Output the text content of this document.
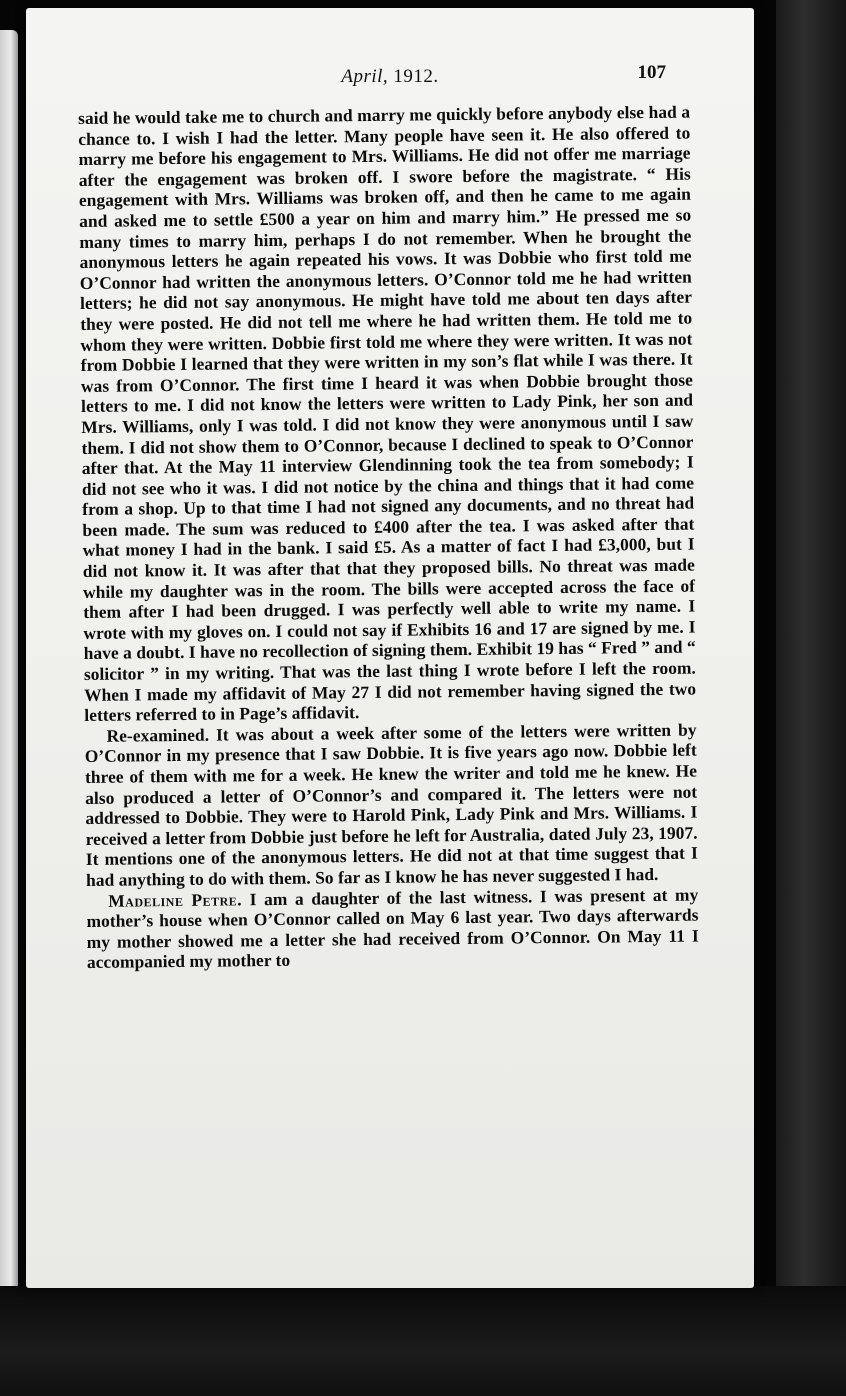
April, 1912.	107

said he would take me to church and marry me quickly before anybody else had a chance to. I wish I had the letter. Many people have seen it. He also offered to marry me before his engagement to Mrs. Williams. He did not offer me marriage after the engagement was broken off. I swore before the magistrate. “ His engagement with Mrs. Williams was broken off, and then he came to me again and asked me to settle £500 a year on him and marry him.” He pressed me so many times to marry him, perhaps I do not remember. When he brought the anonymous letters he again repeated his vows. It was Dobbie who first told me O’Connor had written the anonymous letters. O’Connor told me he had written letters; he did not say anonymous. He might have told me about ten days after they were posted. He did not tell me where he had written them. He told me to whom they were written. Dobbie first told me where they were written. It was not from Dobbie I learned that they were written in my son’s flat while I was there. It was from O’Connor. The first time I heard it was when Dobbie brought those letters to me. I did not know the letters were written to Lady Pink, her son and Mrs. Williams, only I was told. I did not know they were anonymous until I saw them. I did not show them to O’Connor, because I declined to speak to O’Connor after that. At the May 11 interview Glendinning took the tea from somebody; I did not see who it was. I did not notice by the china and things that it had come from a shop. Up to that time I had not signed any documents, and no threat had been made. The sum was reduced to £400 after the tea. I was asked after that what money I had in the bank. I said £5. As a matter of fact I had £3,000, but I did not know it. It was after that that they proposed bills. No threat was made while my daughter was in the room. The bills were accepted across the face of them after I had been drugged. I was perfectly well able to write my name. I wrote with my gloves on. I could not say if Exhibits 16 and 17 are signed by me. I have a doubt. I have no recollection of signing them. Exhibit 19 has “ Fred ” and “ solicitor ” in my writing. That was the last thing I wrote before I left the room. When I made my affidavit of May 27 I did not remember having signed the two letters referred to in Page’s affidavit.

Re-examined. It was about a week after some of the letters were written by O’Connor in my presence that I saw Dobbie. It is five years ago now. Dobbie left three of them with me for a week. He knew the writer and told me he knew. He also produced a letter of O’Connor’s and compared it. The letters were not addressed to Dobbie. They were to Harold Pink, Lady Pink and Mrs. Williams. I received a letter from Dobbie just before he left for Australia, dated July 23, 1907. It mentions one of the anonymous letters. He did not at that time suggest that I had anything to do with them. So far as I know he has never suggested I had.

Madeline Petre. I am a daughter of the last witness. I was present at my mother’s house when O’Connor called on May 6 last year. Two days afterwards my mother showed me a letter she had received from O’Connor. On May 11 I accompanied my mother to
